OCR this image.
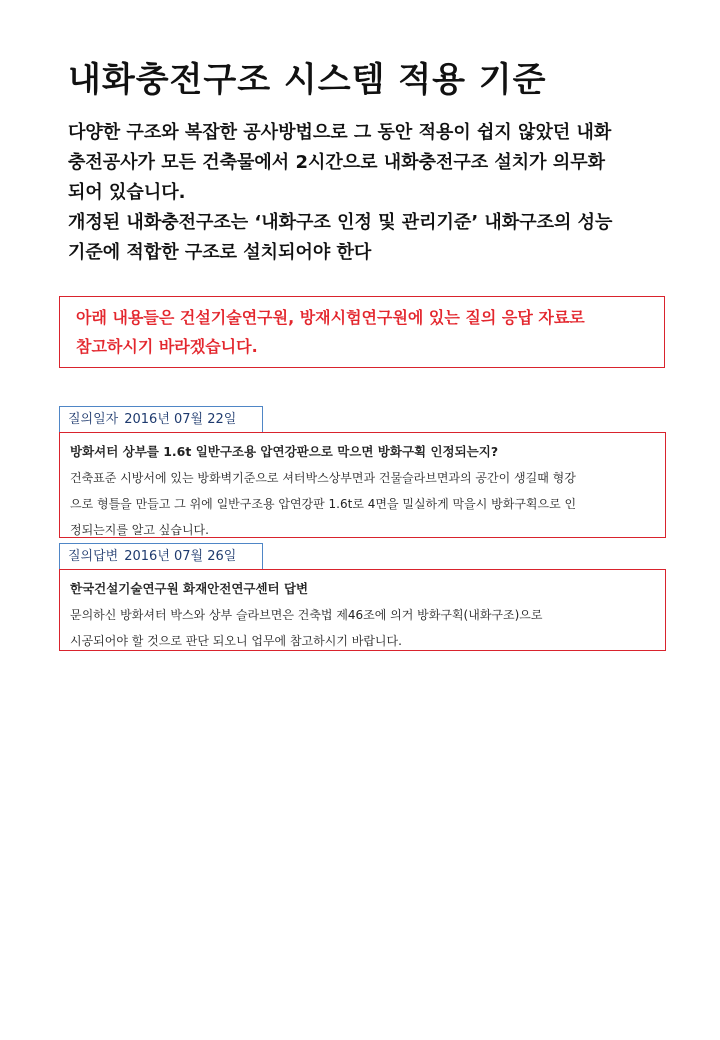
내화충전구조 시스템 적용 기준
다양한 구조와 복잡한 공사방법으로 그 동안 적용이 쉽지 않았던 내화
충전공사가 모든 건축물에서 2시간으로 내화충전구조 설치가 의무화
되어 있습니다.
개정된 내화충전구조는 ‘내화구조 인정 및 관리기준’ 내화구조의 성능
기준에 적합한 구조로 설치되어야 한다
아래 내용들은 건설기술연구원, 방재시험연구원에 있는 질의 응답 자료로
참고하시기 바라겠습니다.
질의일자 2016년 07월 22일
방화셔터 상부를 1.6t 일반구조용 압연강판으로 막으면 방화구획 인정되는지?
건축표준 시방서에 있는 방화벽기준으로 셔터박스상부면과 건물슬라브면과의 공간이 생길때 형강
으로 형틀을 만들고 그 위에 일반구조용 압연강판 1.6t로 4면을 밀실하게 막을시 방화구획으로 인
정되는지를 알고 싶습니다.
질의답변 2016년 07월 26일
한국건설기술연구원 화재안전연구센터 답변
문의하신 방화셔터 박스와 상부 슬라브면은 건축법 제46조에 의거 방화구획(내화구조)으로
시공되어야 할 것으로 판단 되오니 업무에 참고하시기 바랍니다.
